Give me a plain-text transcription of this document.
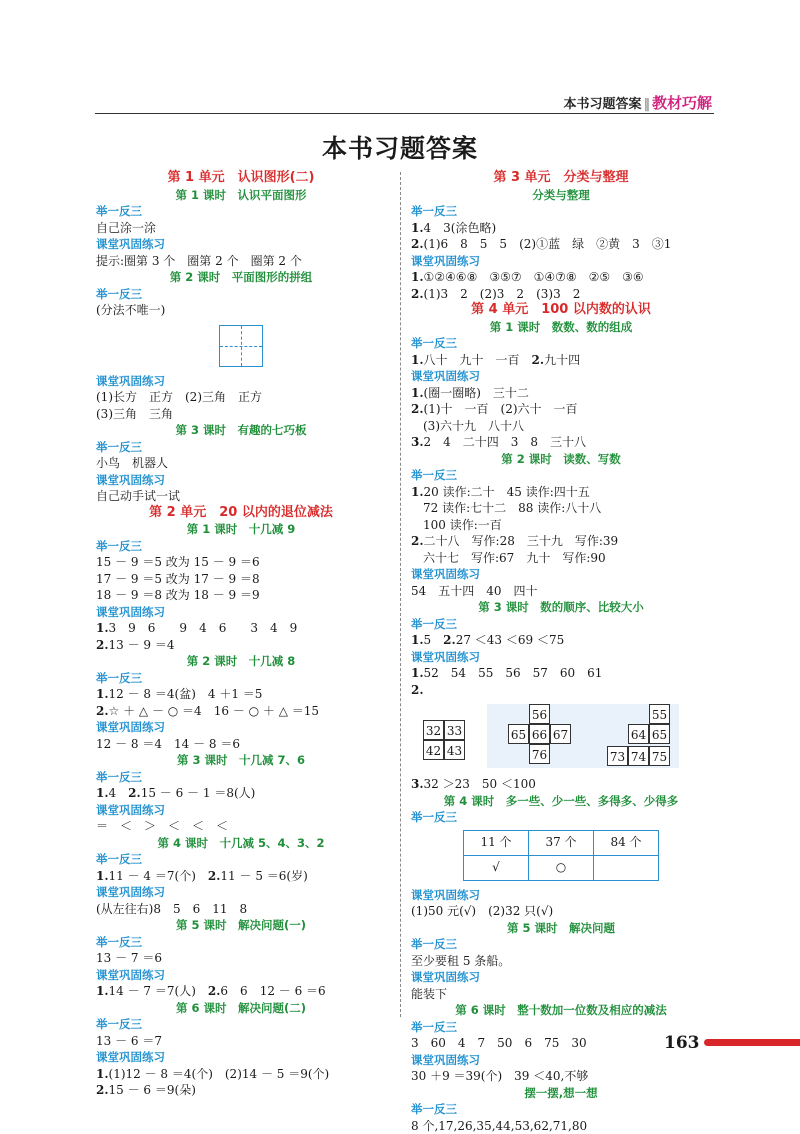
本书习题答案 ‖ 教材巧解
本书习题答案
第 1 单元　认识图形(二)
第 1 课时　认识平面图形
举一反三
自己涂一涂
课堂巩固练习
提示:圈第 3 个　圈第 2 个　圈第 2 个
第 2 课时　平面图形的拼组
举一反三
(分法不唯一)
课堂巩固练习
(1)长方　正方　(2)三角　正方
(3)三角　三角
第 3 课时　有趣的七巧板
举一反三
小鸟　机器人
课堂巩固练习
自己动手试一试
第 2 单元　20 以内的退位减法
第 1 课时　十几减 9
举一反三
15 － 9 ＝5 改为 15 － 9 ＝6
17 － 9 ＝5 改为 17 － 9 ＝8
18 － 9 ＝8 改为 18 － 9 ＝9
课堂巩固练习
1.3　9　6　　9　4　6　　3　4　9
2.13 － 9 ＝4
第 2 课时　十几减 8
举一反三
1.12 － 8 ＝4(盆)　4 ＋1 ＝5
2.☆ ＋ △ － ○ ＝4　16 － ○ ＋ △ ＝15
课堂巩固练习
12 － 8 ＝4　14 － 8 ＝6
第 3 课时　十几减 7、6
举一反三
1.4　2.15 － 6 － 1 ＝8(人)
课堂巩固练习
＝　＜　＞　＜　＜　＜
第 4 课时　十几减 5、4、3、2
举一反三
1.11 － 4 ＝7(个)　2.11 － 5 ＝6(岁)
课堂巩固练习
(从左往右)8　5　6　11　8
第 5 课时　解决问题(一)
举一反三
13 － 7 ＝6
课堂巩固练习
1.14 － 7 ＝7(人)　2.6　6　12 － 6 ＝6
第 6 课时　解决问题(二)
举一反三
13 － 6 ＝7
课堂巩固练习
1.(1)12 － 8 ＝4(个)　(2)14 － 5 ＝9(个)
2.15 － 6 ＝9(朵)
第 3 单元　分类与整理
分类与整理
举一反三
1.4　3(涂色略)
2.(1)6　8　5　5　(2)①蓝　绿　②黄　3　③1
课堂巩固练习
1.①②④⑥⑧　③⑤⑦　①④⑦⑧　②⑤　③⑥
2.(1)3　2　(2)3　2　(3)3　2
第 4 单元　100 以内数的认识
第 1 课时　数数、数的组成
举一反三
1.八十　九十　一百　2.九十四
课堂巩固练习
1.(圈一圈略)　三十二
2.(1)十　一百　(2)六十　一百
　(3)六十九　八十八
3.2　4　二十四　3　8　三十八
第 2 课时　读数、写数
举一反三
1.20 读作:二十　45 读作:四十五
　72 读作:七十二　88 读作:八十八
　100 读作:一百
2.二十八　写作:28　三十九　写作:39
　六十七　写作:67　九十　写作:90
课堂巩固练习
54　五十四　40　四十
第 3 课时　数的顺序、比较大小
举一反三
1.5　2.27 ＜43 ＜69 ＜75
课堂巩固练习
1.52　54　55　56　57　60　61
2.
32 33
42 43
56
65 66 67
76
55
64 65
73 74 75
3.32 ＞23　50 ＜100
第 4 课时　多一些、少一些、多得多、少得多
举一反三
11 个	37 个	84 个
√	○	
课堂巩固练习
(1)50 元(√)　(2)32 只(√)
第 5 课时　解决问题
举一反三
至少要租 5 条船。
课堂巩固练习
能装下
第 6 课时　整十数加一位数及相应的减法
举一反三
3　60　4　7　50　6　75　30
课堂巩固练习
30 ＋9 ＝39(个)　39 ＜40,不够
摆一摆,想一想
举一反三
8 个,17,26,35,44,53,62,71,80
163
